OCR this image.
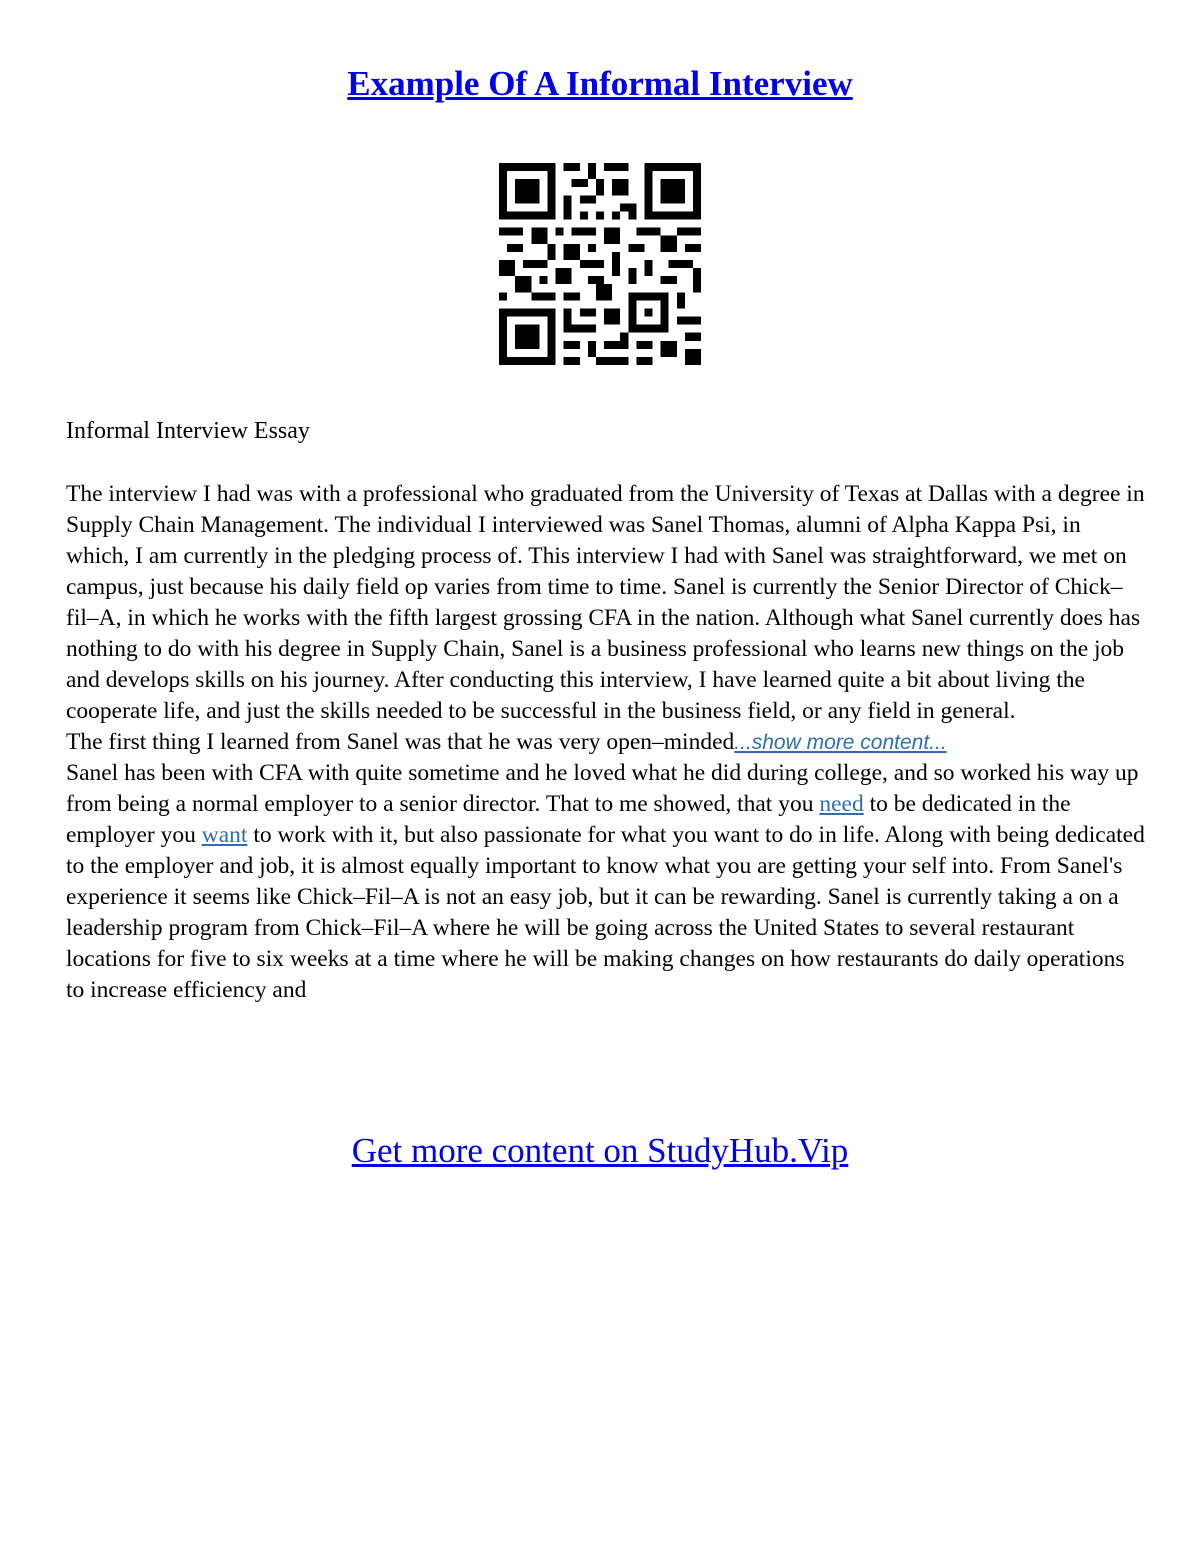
Example Of A Informal Interview

Informal Interview Essay

The interview I had was with a professional who graduated from the University of Texas at Dallas with a degree in Supply Chain Management. The individual I interviewed was Sanel Thomas, alumni of Alpha Kappa Psi, in which, I am currently in the pledging process of. This interview I had with Sanel was straightforward, we met on campus, just because his daily field op varies from time to time. Sanel is currently the Senior Director of Chick–fil–A, in which he works with the fifth largest grossing CFA in the nation. Although what Sanel currently does has nothing to do with his degree in Supply Chain, Sanel is a business professional who learns new things on the job and develops skills on his journey. After conducting this interview, I have learned quite a bit about living the cooperate life, and just the skills needed to be successful in the business field, or any field in general.

The first thing I learned from Sanel was that he was very open–minded...show more content...

Sanel has been with CFA with quite sometime and he loved what he did during college, and so worked his way up from being a normal employer to a senior director. That to me showed, that you need to be dedicated in the employer you want to work with it, but also passionate for what you want to do in life. Along with being dedicated to the employer and job, it is almost equally important to know what you are getting your self into. From Sanel's experience it seems like Chick–Fil–A is not an easy job, but it can be rewarding. Sanel is currently taking a on a leadership program from Chick–Fil–A where he will be going across the United States to several restaurant locations for five to six weeks at a time where he will be making changes on how restaurants do daily operations to increase efficiency and

Get more content on StudyHub.Vip
